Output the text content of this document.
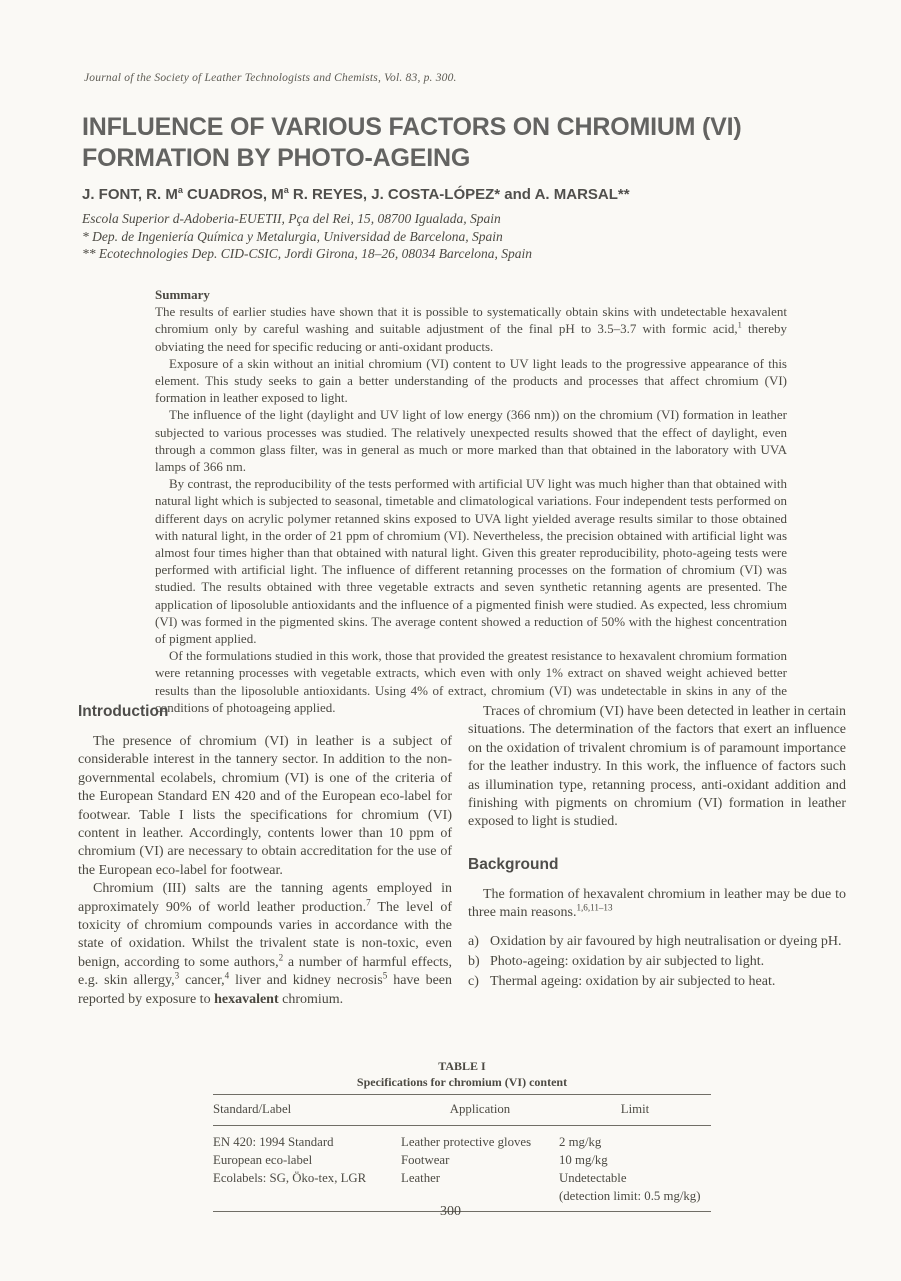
Journal of the Society of Leather Technologists and Chemists, Vol. 83, p. 300.
INFLUENCE OF VARIOUS FACTORS ON CHROMIUM (VI)
FORMATION BY PHOTO-AGEING
J. FONT, R. $M^a$ CUADROS, $M^a$ R. REYES, J. COSTA-LÓPEZ* and A. MARSAL**
Escola Superior d-Adoberia-EUETII, Pça del Rei, 15, 08700 Igualada, Spain
* Dep. de Ingeniería Química y Metalurgia, Universidad de Barcelona, Spain
** Ecotechnologies Dep. CID-CSIC, Jordi Girona, 18–26, 08034 Barcelona, Spain

Summary

The results of earlier studies have shown that it is possible to systematically obtain skins with undetectable hexavalent chromium only by careful washing and suitable adjustment of the final pH to 3.5–3.7 with formic acid,$^1$ thereby obviating the need for specific reducing or anti-oxidant products.

Exposure of a skin without an initial chromium (VI) content to UV light leads to the progressive appearance of this element. This study seeks to gain a better understanding of the products and processes that affect chromium (VI) formation in leather exposed to light.

The influence of the light (daylight and UV light of low energy (366 nm)) on the chromium (VI) formation in leather subjected to various processes was studied. The relatively unexpected results showed that the effect of daylight, even through a common glass filter, was in general as much or more marked than that obtained in the laboratory with UVA lamps of 366 nm.

By contrast, the reproducibility of the tests performed with artificial UV light was much higher than that obtained with natural light which is subjected to seasonal, timetable and climatological variations. Four independent tests performed on different days on acrylic polymer retanned skins exposed to UVA light yielded average results similar to those obtained with natural light, in the order of 21 ppm of chromium (VI). Nevertheless, the precision obtained with artificial light was almost four times higher than that obtained with natural light. Given this greater reproducibility, photo-ageing tests were performed with artificial light. The influence of different retanning processes on the formation of chromium (VI) was studied. The results obtained with three vegetable extracts and seven synthetic retanning agents are presented. The application of liposoluble antioxidants and the influence of a pigmented finish were studied. As expected, less chromium (VI) was formed in the pigmented skins. The average content showed a reduction of 50% with the highest concentration of pigment applied.

Of the formulations studied in this work, those that provided the greatest resistance to hexavalent chromium formation were retanning processes with vegetable extracts, which even with only 1% extract on shaved weight achieved better results than the liposoluble antioxidants. Using 4% of extract, chromium (VI) was undetectable in skins in any of the conditions of photoageing applied.

Introduction

The presence of chromium (VI) in leather is a subject of considerable interest in the tannery sector. In addition to the non-governmental ecolabels, chromium (VI) is one of the criteria of the European Standard EN 420 and of the European eco-label for footwear. Table I lists the specifications for chromium (VI) content in leather. Accordingly, contents lower than 10 ppm of chromium (VI) are necessary to obtain accreditation for the use of the European eco-label for footwear.

Chromium (III) salts are the tanning agents employed in approximately 90% of world leather production.$^7$ The level of toxicity of chromium compounds varies in accordance with the state of oxidation. Whilst the trivalent state is non-toxic, even benign, according to some authors,$^2$ a number of harmful effects, e.g. skin allergy,$^3$ cancer,$^4$ liver and kidney necrosis$^5$ have been reported by exposure to hexavalent chromium.

Traces of chromium (VI) have been detected in leather in certain situations. The determination of the factors that exert an influence on the oxidation of trivalent chromium is of paramount importance for the leather industry. In this work, the influence of factors such as illumination type, retanning process, anti-oxidant addition and finishing with pigments on chromium (VI) formation in leather exposed to light is studied.

Background

The formation of hexavalent chromium in leather may be due to three main reasons.$^{1,6,11-13}$

a) Oxidation by air favoured by high neutralisation or dyeing pH.
b) Photo-ageing: oxidation by air subjected to light.
c) Thermal ageing: oxidation by air subjected to heat.

TABLE I

Specifications for chromium (VI) content

Standard/Label	Application	Limit
EN 420: 1994 Standard	Leather protective gloves	2 mg/kg
European eco-label	Footwear	10 mg/kg
Ecolabels: SG, Öko-tex, LGR	Leather	Undetectable
(detection limit: 0.5 mg/kg)
300
